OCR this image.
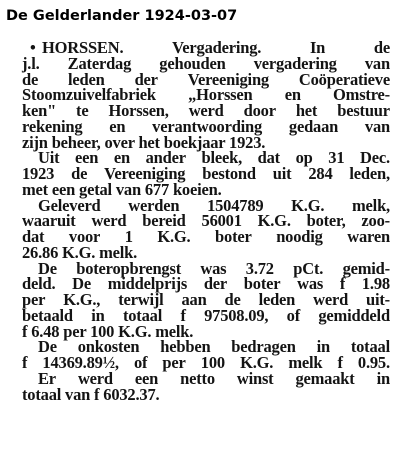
De Gelderlander 1924-03-07
• HORSSEN.	Vergadering.	In	de
j.l. Zaterdag gehouden vergadering van
de leden der Vereeniging Coöperatieve
Stoomzuivelfabriek „Horssen en Omstre-
ken" te Horssen, werd door het bestuur
rekening en verantwoording gedaan van
zijn beheer, over het boekjaar 1923.
Uit een en ander bleek, dat op 31 Dec.
1923 de Vereeniging bestond uit 284 leden,
met een getal van 677 koeien.
Geleverd werden 1504789 K.G. melk,
waaruit werd bereid 56001 K.G. boter, zoo-
dat voor 1 K.G. boter noodig waren
26.86 K.G. melk.
De boteropbrengst was 3.72 pCt. gemid-
deld. De middelprijs der boter was f 1.98
per K.G., terwijl aan de leden werd uit-
betaald in totaal f 97508.09, of gemiddeld
f 6.48 per 100 K.G. melk.
De onkosten hebben bedragen in totaal
f 14369.89½, of per 100 K.G. melk f 0.95.
Er werd een netto winst gemaakt in
totaal van f 6032.37.
